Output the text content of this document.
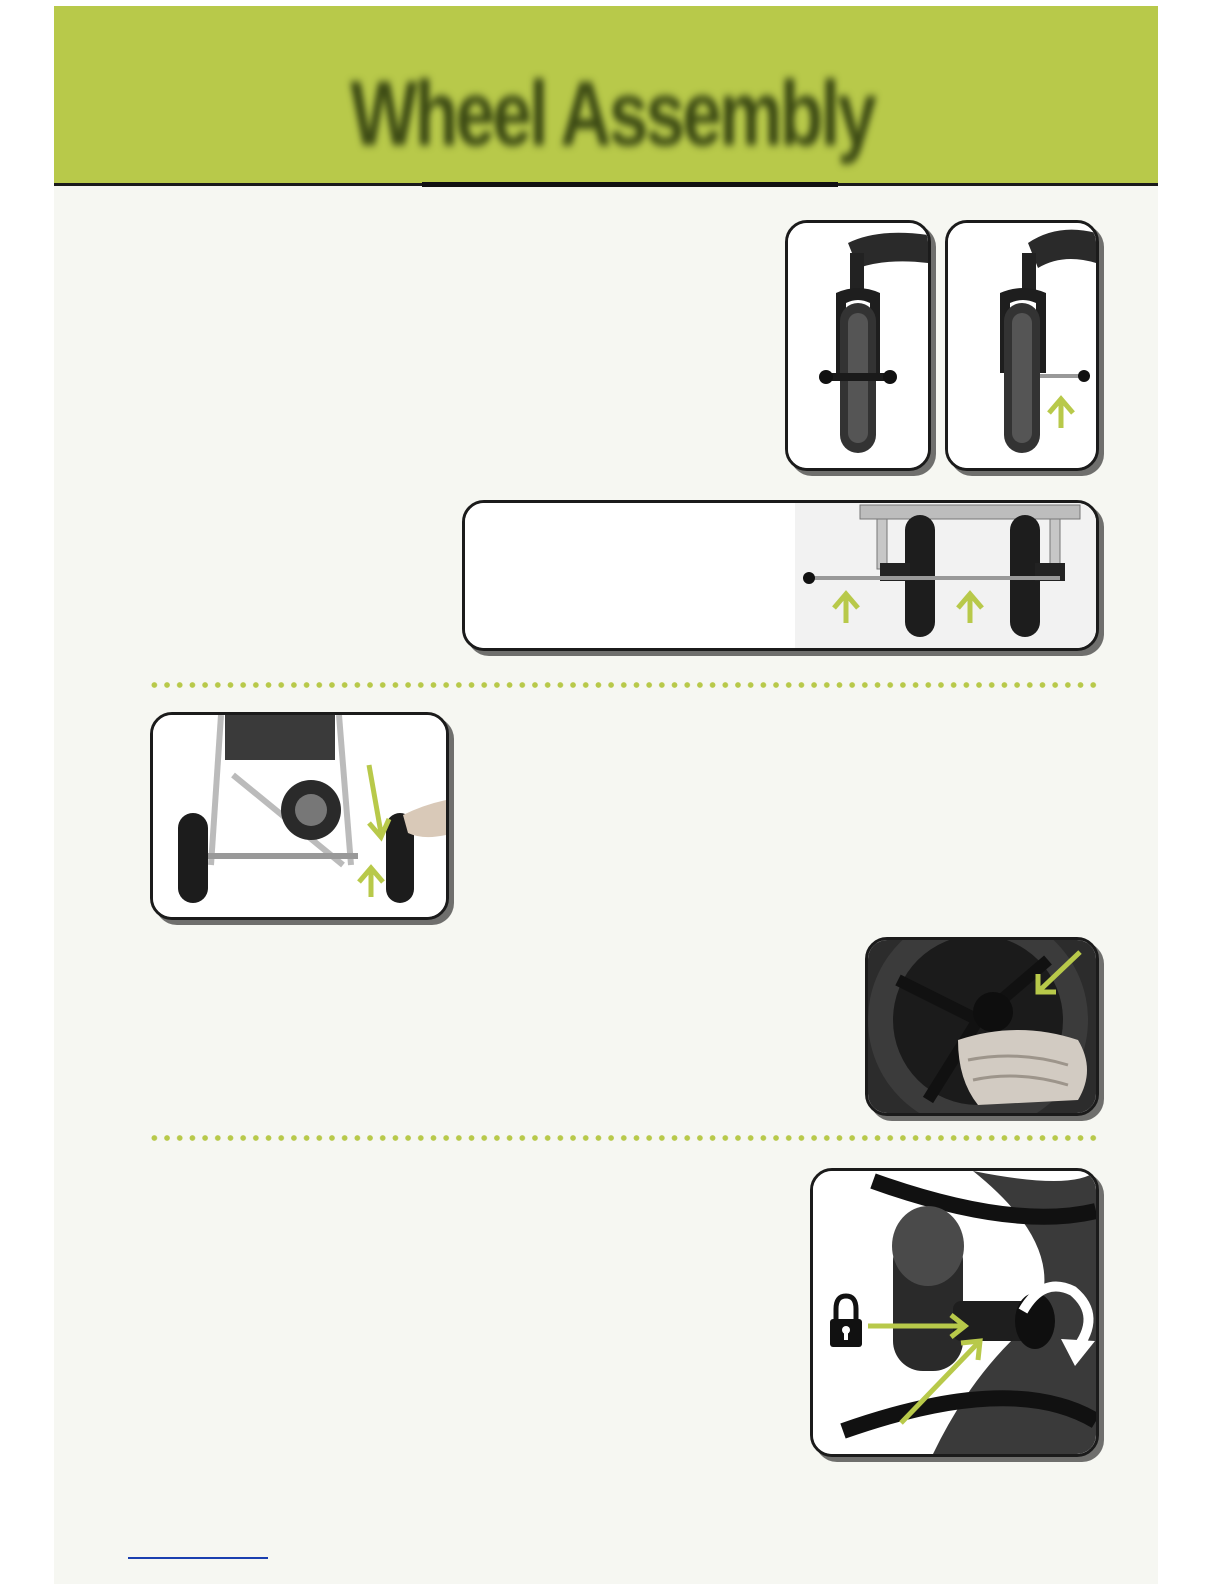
Wheel Assembly
